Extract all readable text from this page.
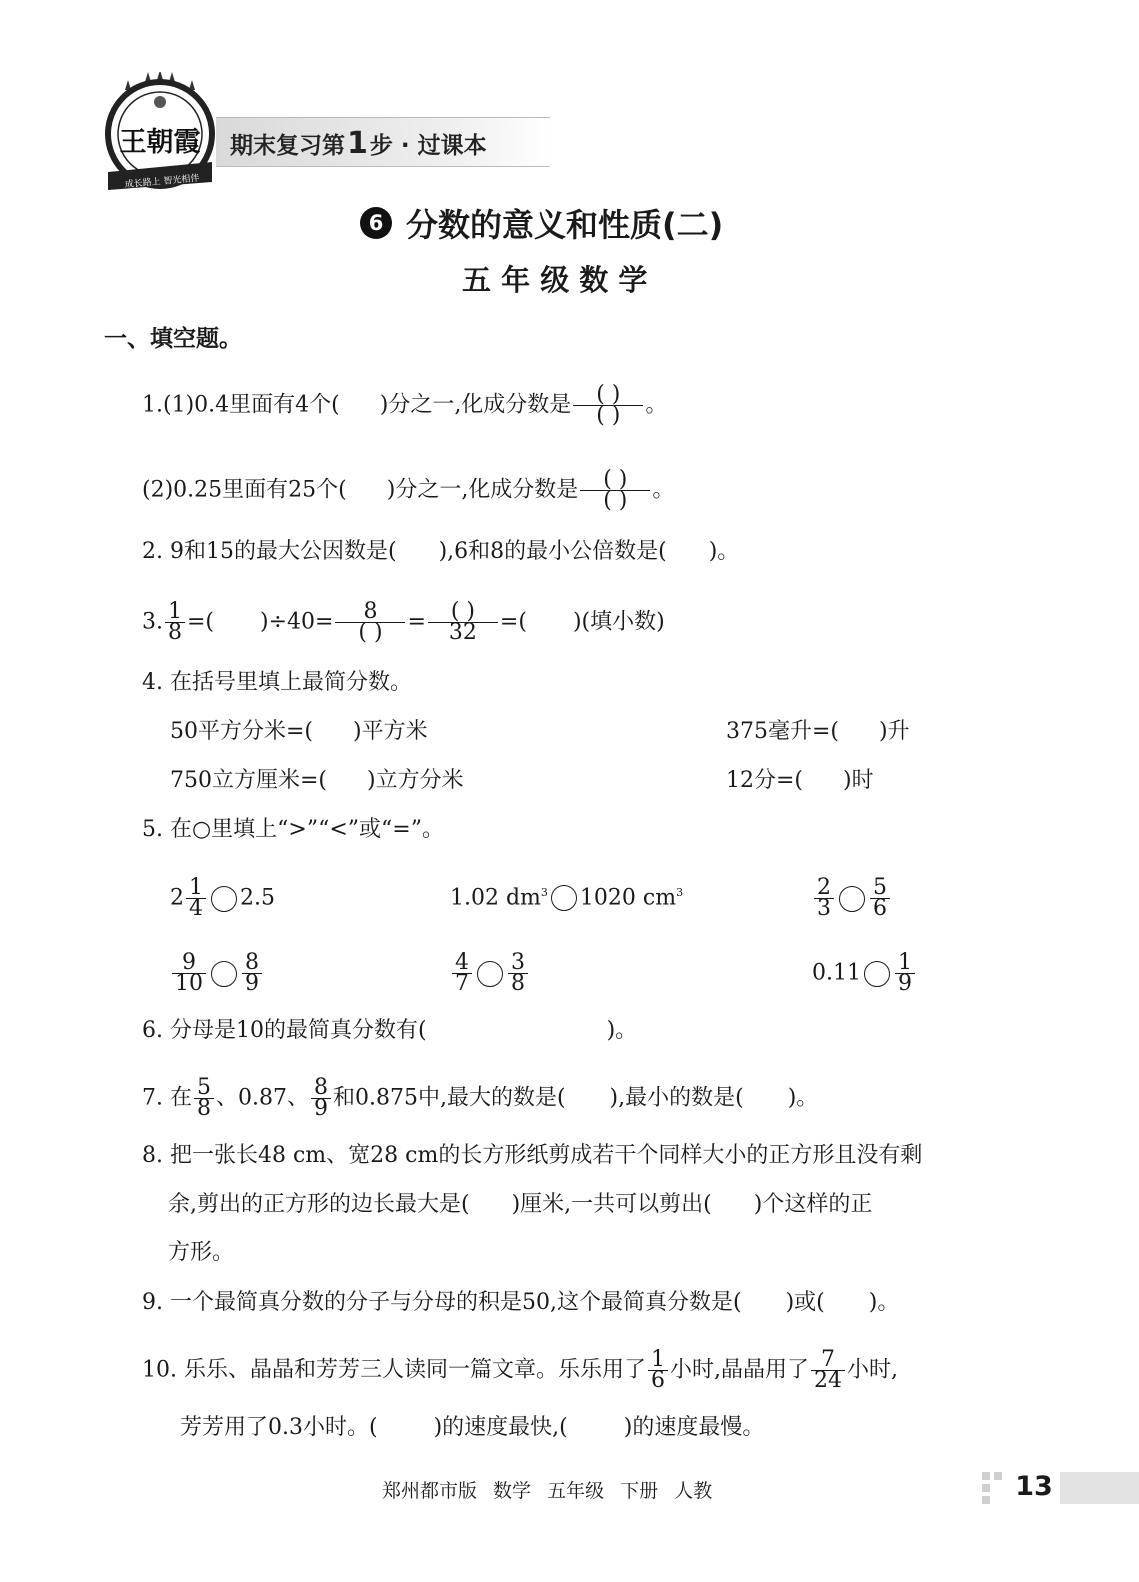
王朝霞
成长路上 智光相伴
期末复习第1步 · 过课本
6 分数的意义和性质(二)
五 年 级 数 学
一、填空题。
1.(1)0.4里面有4个( )分之一,化成分数是 $\frac{( )}{( )}$ 。
(2)0.25里面有25个( )分之一,化成分数是 $\frac{( )}{( )}$ 。
2. 9和15的最大公因数是( ),6和8的最小公倍数是( )。
3. $\frac{1}{8}$ =( )$\div 40= \frac{8}{( )} = \frac{( )}{32}$ =( )(填小数)
4. 在括号里填上最简分数。
50平方分米=( )平方米	375毫升=( )升
750立方厘米=( )立方分米	12分=( )时
5. 在○里填上“>”“<”或“=”。
$2 \frac{1}{4} 2.5$	1.02 $dm^3$ 1020 $cm^3$	$\frac{2}{3} \frac{5}{6}$
$\frac{9}{10} \frac{8}{9}$	$\frac{4}{7} \frac{3}{8}$	$0.11 \frac{1}{9}$
6. 分母是10的最简真分数有(	)。
7. 在 $\frac{5}{8}$ 、0.87、 $\frac{8}{9}$ 和0.875中,最大的数是( ),最小的数是( )。
8. 把一张长48 cm、宽28 cm的长方形纸剪成若干个同样大小的正方形且没有剩
余,剪出的正方形的边长最大是( )厘米,一共可以剪出( )个这样的正
方形。
9. 一个最简真分数的分子与分母的积是50,这个最简真分数是( )或( )。
10. 乐乐、晶晶和芳芳三人读同一篇文章。乐乐用了 $\frac{1}{6}$ 小时,晶晶用了 $\frac{7}{24}$ 小时,
芳芳用了0.3小时。(	)的速度最快,(	)的速度最慢。
郑州都市版 数学 五年级 下册 人教	13
